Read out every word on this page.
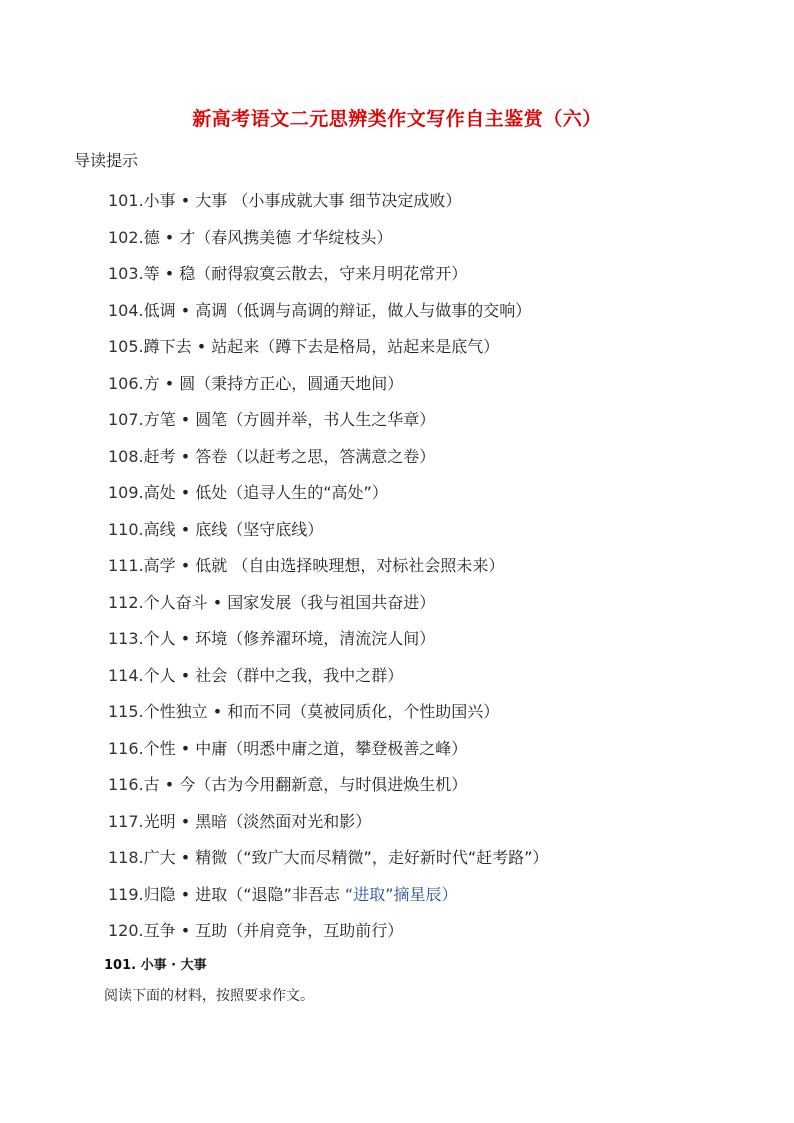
新高考语文二元思辨类作文写作自主鉴赏（六）
导读提示
101.小事 • 大事 （小事成就大事 细节决定成败）
102.德 • 才（春风携美德 才华绽枝头）
103.等 • 稳（耐得寂寞云散去，守来月明花常开）
104.低调 • 高调（低调与高调的辩证，做人与做事的交响）
105.蹲下去 • 站起来（蹲下去是格局，站起来是底气）
106.方 • 圆（秉持方正心，圆通天地间）
107.方笔 • 圆笔（方圆并举，书人生之华章）
108.赶考 • 答卷（以赶考之思，答满意之卷）
109.高处 • 低处（追寻人生的“高处”）
110.高线 • 底线（坚守底线）
111.高学 • 低就 （自由选择映理想，对标社会照未来）
112.个人奋斗 • 国家发展（我与祖国共奋进）
113.个人 • 环境（修养濯环境，清流浣人间）
114.个人 • 社会（群中之我，我中之群）
115.个性独立 • 和而不同（莫被同质化，个性助国兴）
116.个性 • 中庸（明悉中庸之道，攀登极善之峰）
116.古 • 今（古为今用翻新意，与时俱进焕生机）
117.光明 • 黑暗（淡然面对光和影）
118.广大 • 精微（“致广大而尽精微”，走好新时代“赶考路”）
119.归隐 • 进取（“退隐”非吾志 “进取”摘星辰）
120.互争 • 互助（并肩竞争，互助前行）
101. 小事 · 大事
阅读下面的材料，按照要求作文。
